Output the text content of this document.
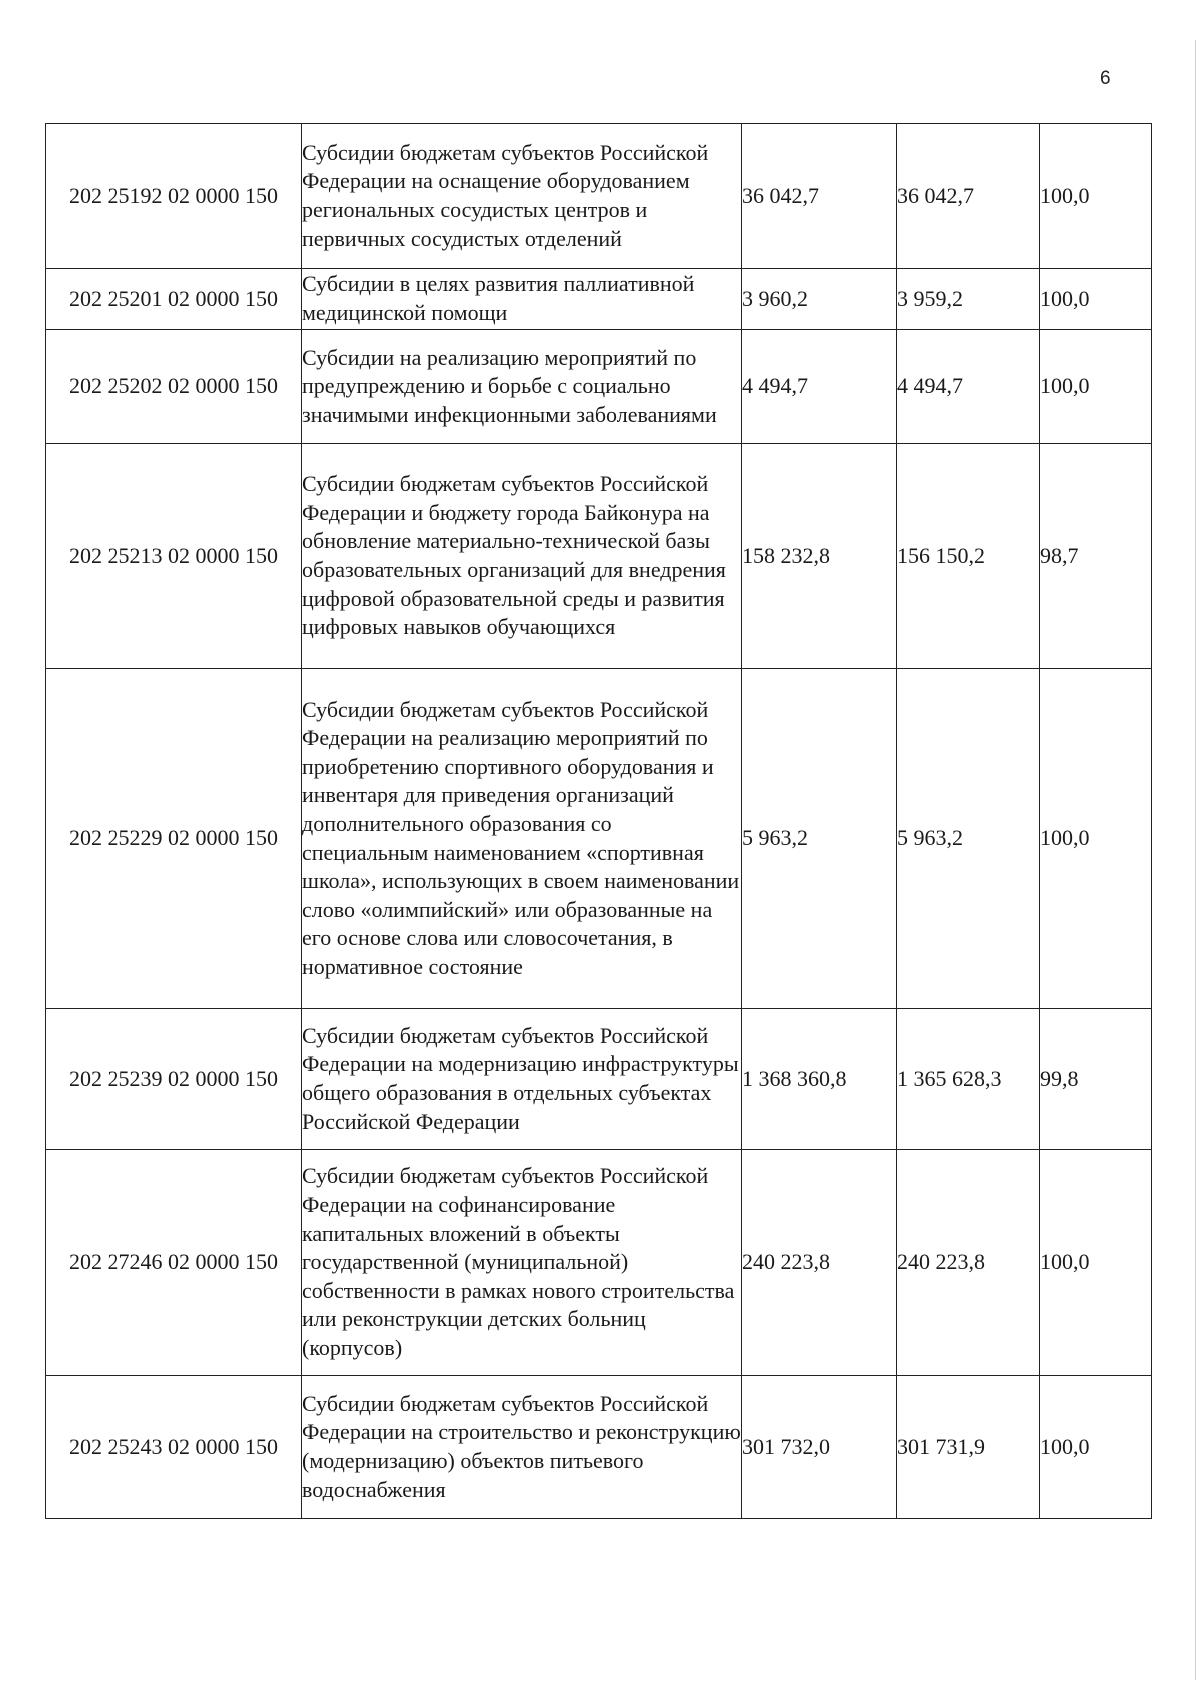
6
202 25192 02 0000 150	Субсидии бюджетам субъектов Российской Федерации на оснащение оборудованием региональных сосудистых центров и первичных сосудистых отделений	36 042,7	36 042,7	100,0
202 25201 02 0000 150	Субсидии в целях развития паллиативной медицинской помощи	3 960,2	3 959,2	100,0
202 25202 02 0000 150	Субсидии на реализацию мероприятий по предупреждению и борьбе с социально значимыми инфекционными заболеваниями	4 494,7	4 494,7	100,0
202 25213 02 0000 150	Субсидии бюджетам субъектов Российской Федерации и бюджету города Байконура на обновление материально-технической базы образовательных организаций для внедрения цифровой образовательной среды и развития цифровых навыков обучающихся	158 232,8	156 150,2	98,7
202 25229 02 0000 150	Субсидии бюджетам субъектов Российской Федерации на реализацию мероприятий по приобретению спортивного оборудования и инвентаря для приведения организаций дополнительного образования со специальным наименованием «спортивная школа», использующих в своем наименовании слово «олимпийский» или образованные на его основе слова или словосочетания, в нормативное состояние	5 963,2	5 963,2	100,0
202 25239 02 0000 150	Субсидии бюджетам субъектов Российской Федерации на модернизацию инфраструктуры общего образования в отдельных субъектах Российской Федерации	1 368 360,8	1 365 628,3	99,8
202 27246 02 0000 150	Субсидии бюджетам субъектов Российской Федерации на софинансирование капитальных вложений в объекты государственной (муниципальной) собственности в рамках нового строительства или реконструкции детских больниц (корпусов)	240 223,8	240 223,8	100,0
202 25243 02 0000 150	Субсидии бюджетам субъектов Российской Федерации на строительство и реконструкцию (модернизацию) объектов питьевого водоснабжения	301 732,0	301 731,9	100,0
